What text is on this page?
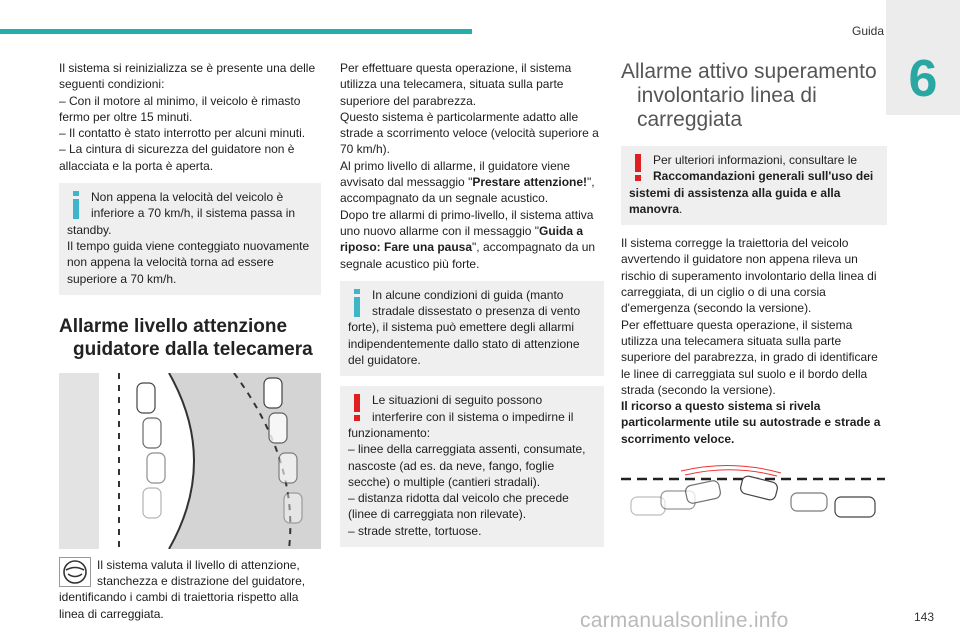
Guida
6

Il sistema si reinizializza se è presente una delle seguenti condizioni:

– Con il motore al minimo, il veicolo è rimasto fermo per oltre 15 minuti.

– Il contatto è stato interrotto per alcuni minuti.

– La cintura di sicurezza del guidatore non è allacciata e la porta è aperta.

Non appena la velocità del veicolo è inferiore a 70 km/h, il sistema passa in standby.

Il tempo guida viene conteggiato nuovamente non appena la velocità torna ad essere superiore a 70 km/h.

Allarme livello attenzione guidatore dalla telecamera

Il sistema valuta il livello di attenzione, stanchezza e distrazione del guidatore, identificando i cambi di traiettoria rispetto alla linea di carreggiata.

Per effettuare questa operazione, il sistema utilizza una telecamera, situata sulla parte superiore del parabrezza.

Questo sistema è particolarmente adatto alle strade a scorrimento veloce (velocità superiore a 70 km/h).

Al primo livello di allarme, il guidatore viene avvisato dal messaggio "Prestare attenzione!", accompagnato da un segnale acustico.

Dopo tre allarmi di primo-livello, il sistema attiva uno nuovo allarme con il messaggio "Guida a riposo: Fare una pausa", accompagnato da un segnale acustico più forte.

In alcune condizioni di guida (manto stradale dissestato o presenza di vento forte), il sistema può emettere degli allarmi indipendentemente dallo stato di attenzione del guidatore.

Le situazioni di seguito possono interferire con il sistema o impedirne il funzionamento:

– linee della carreggiata assenti, consumate, nascoste (ad es. da neve, fango, foglie secche) o multiple (cantieri stradali).

– distanza ridotta dal veicolo che precede (linee di carreggiata non rilevate).

– strade strette, tortuose.

Allarme attivo superamento involontario linea di carreggiata

Per ulteriori informazioni, consultare le Raccomandazioni generali sull'uso dei sistemi di assistenza alla guida e alla manovra.

Il sistema corregge la traiettoria del veicolo avvertendo il guidatore non appena rileva un rischio di superamento involontario della linea di carreggiata, di un ciglio o di una corsia d'emergenza (secondo la versione).

Per effettuare questa operazione, il sistema utilizza una telecamera situata sulla parte superiore del parabrezza, in grado di identificare le linee di carreggiata sul suolo e il bordo della strada (secondo la versione).

Il ricorso a questo sistema si rivela particolarmente utile su autostrade e strade a scorrimento veloce.

carmanualsonline.info	143
